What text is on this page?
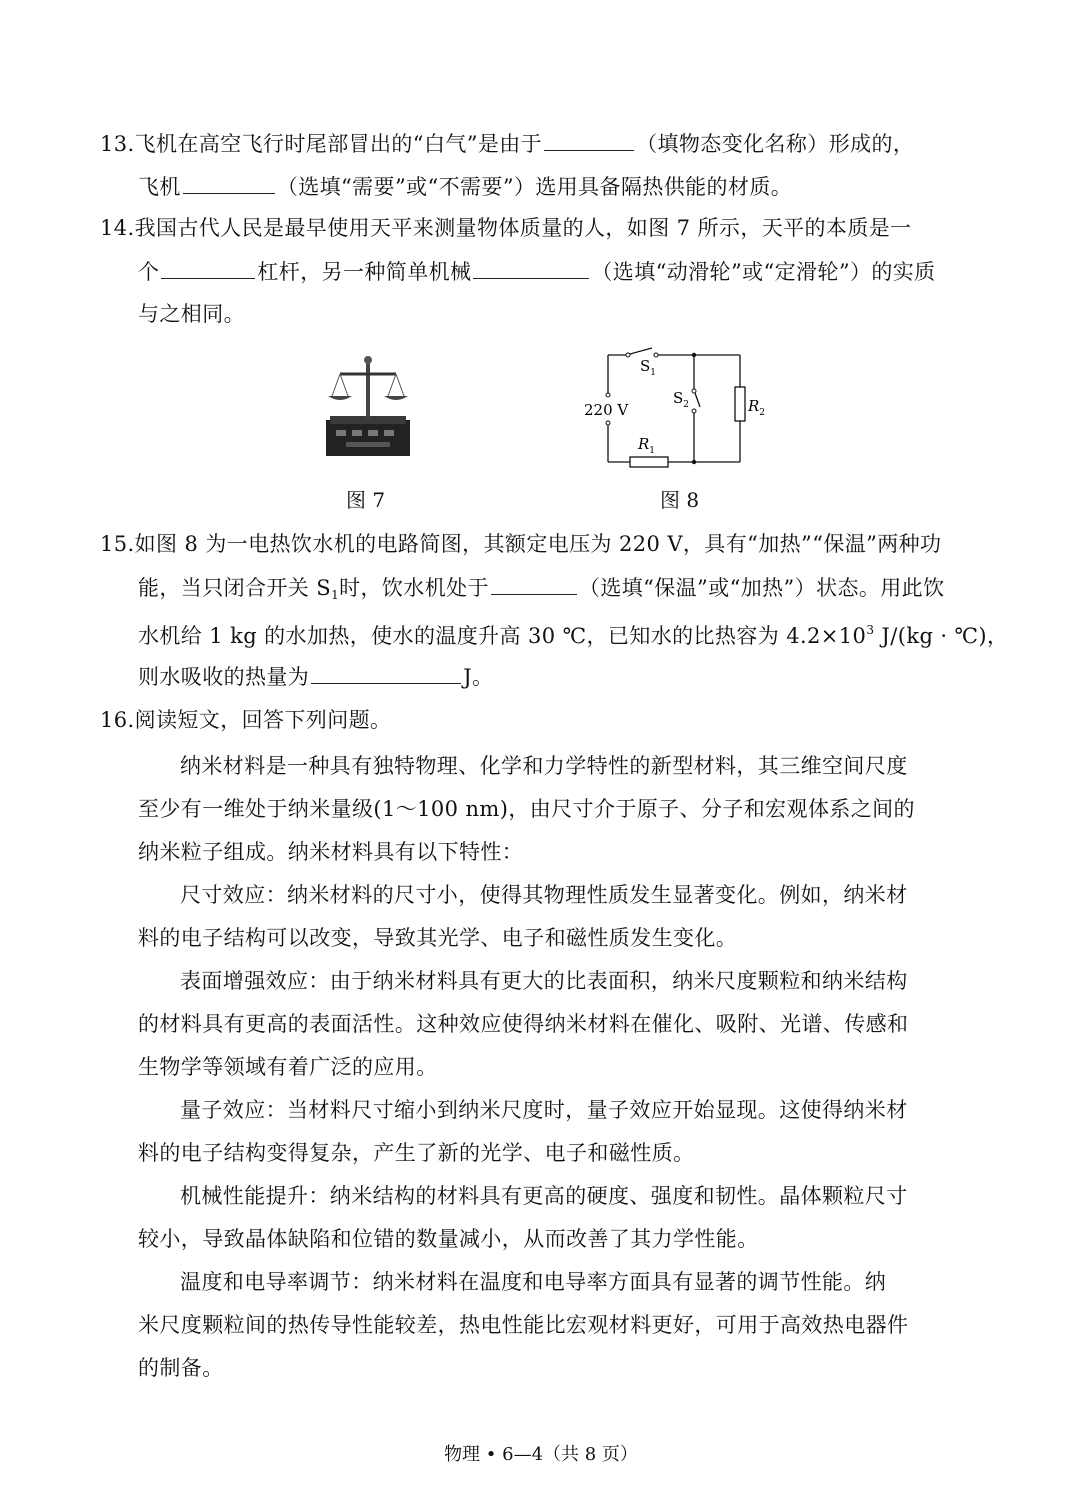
13.飞机在高空飞行时尾部冒出的“白气”是由于	（填物态变化名称）形成的，
飞机	（选填“需要”或“不需要”）选用具备隔热供能的材质。
14.我国古代人民是最早使用天平来测量物体质量的人，如图 7 所示，天平的本质是一
个	杠杆，另一种简单机械	（选填“动滑轮”或“定滑轮”）的实质
与之相同。
图 7
$S_1$
$S_2$
220 V
$R_1$
$R_2$
图 8
15.如图 8 为一电热饮水机的电路简图，其额定电压为 220 V，具有“加热”“保温”两种功
能，当只闭合开关 $S_1$时，饮水机处于	（选填“保温”或“加热”）状态。用此饮
水机给 1 kg 的水加热，使水的温度升高 30 ℃，已知水的比热容为 $4.2\times 10^3$ J/(kg · ℃)，
则水吸收的热量为	J。
16.阅读短文，回答下列问题。
纳米材料是一种具有独特物理、化学和力学特性的新型材料，其三维空间尺度
至少有一维处于纳米量级(1～100 nm)，由尺寸介于原子、分子和宏观体系之间的
纳米粒子组成。纳米材料具有以下特性：
尺寸效应：纳米材料的尺寸小，使得其物理性质发生显著变化。例如，纳米材
料的电子结构可以改变，导致其光学、电子和磁性质发生变化。
表面增强效应：由于纳米材料具有更大的比表面积，纳米尺度颗粒和纳米结构
的材料具有更高的表面活性。这种效应使得纳米材料在催化、吸附、光谱、传感和
生物学等领域有着广泛的应用。
量子效应：当材料尺寸缩小到纳米尺度时，量子效应开始显现。这使得纳米材
料的电子结构变得复杂，产生了新的光学、电子和磁性质。
机械性能提升：纳米结构的材料具有更高的硬度、强度和韧性。晶体颗粒尺寸
较小，导致晶体缺陷和位错的数量减小，从而改善了其力学性能。
温度和电导率调节：纳米材料在温度和电导率方面具有显著的调节性能。纳
米尺度颗粒间的热传导性能较差，热电性能比宏观材料更好，可用于高效热电器件
的制备。
物理 • 6—4（共 8 页）
